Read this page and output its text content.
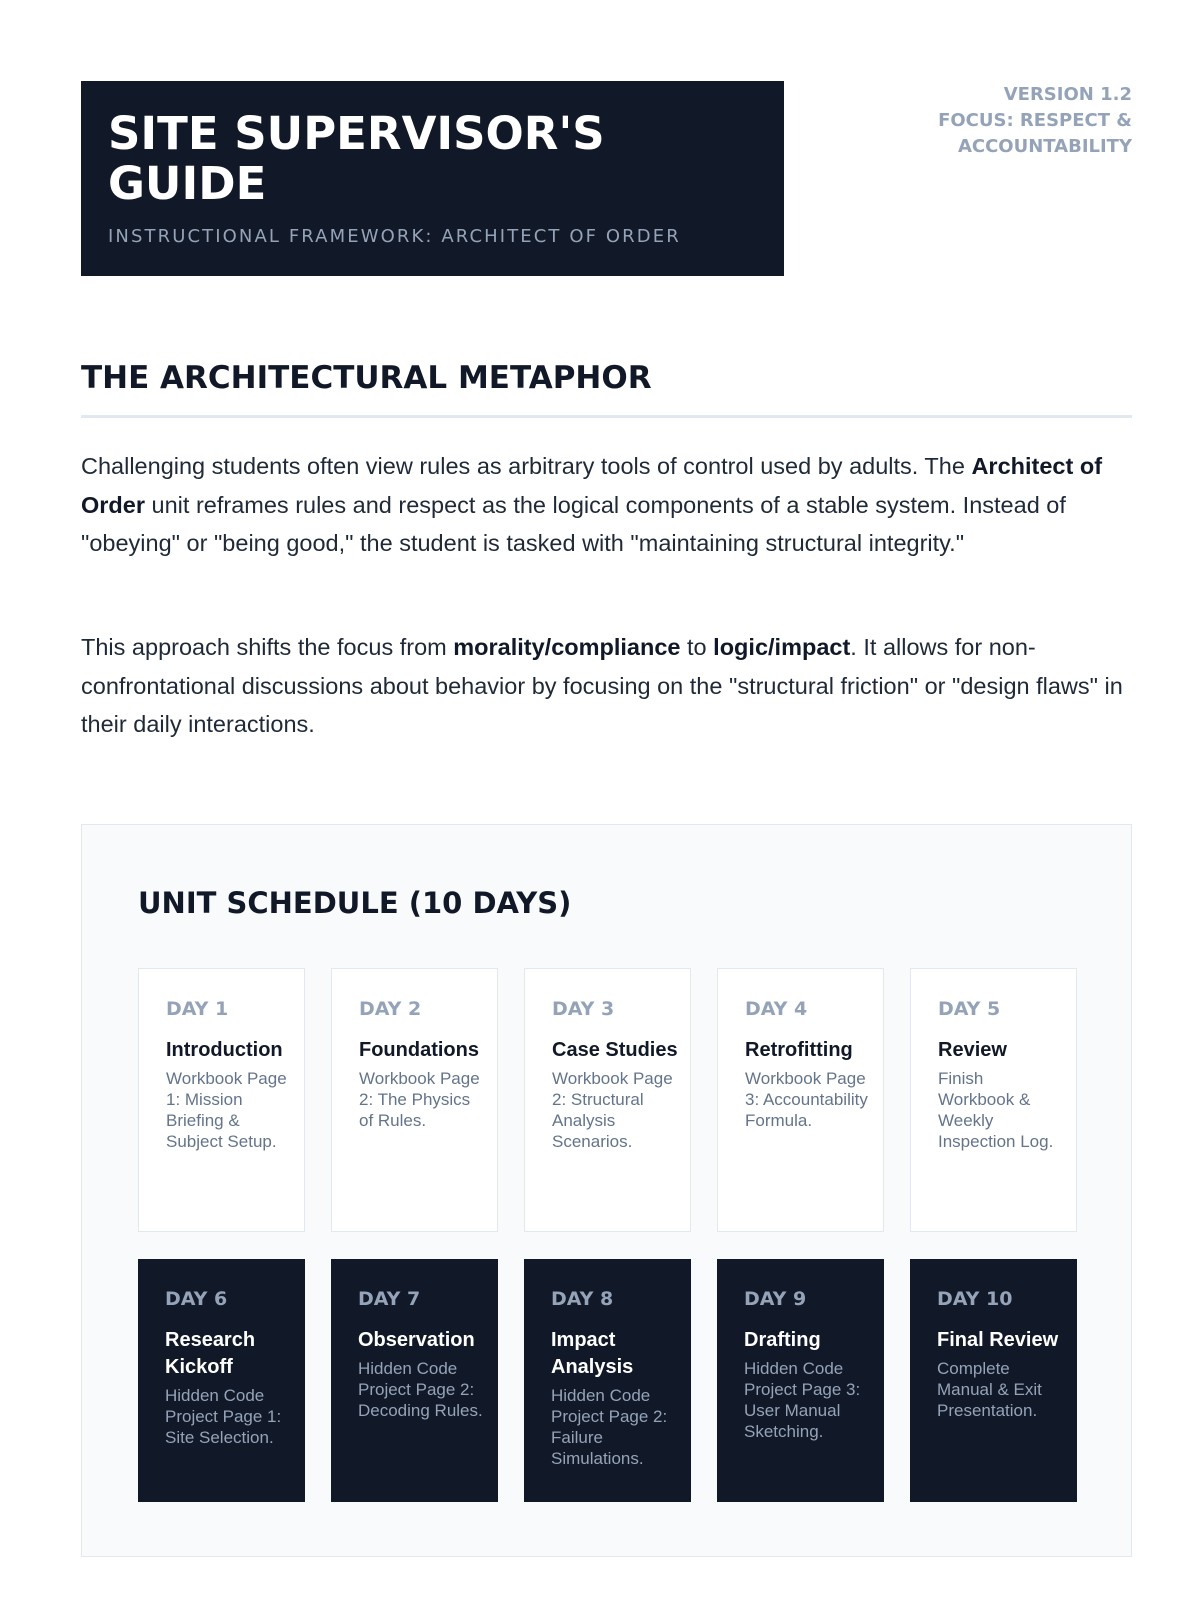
SITE SUPERVISOR'S GUIDE
INSTRUCTIONAL FRAMEWORK: ARCHITECT OF ORDER
VERSION 1.2
FOCUS: RESPECT &
ACCOUNTABILITY
THE ARCHITECTURAL METAPHOR

Challenging students often view rules as arbitrary tools of control used by adults. The Architect of Order unit reframes rules and respect as the logical components of a stable system. Instead of "obeying" or "being good," the student is tasked with "maintaining structural integrity."

This approach shifts the focus from morality/compliance to logic/impact. It allows for non-confrontational discussions about behavior by focusing on the "structural friction" or "design flaws" in their daily interactions.

UNIT SCHEDULE (10 DAYS)
DAY 1
Introduction
Workbook Page 1: Mission Briefing & Subject Setup.
DAY 2
Foundations
Workbook Page 2: The Physics of Rules.
DAY 3
Case Studies
Workbook Page 2: Structural Analysis Scenarios.
DAY 4
Retrofitting
Workbook Page 3: Accountability Formula.
DAY 5
Review
Finish Workbook & Weekly Inspection Log.
DAY 6
Research Kickoff
Hidden Code Project Page 1: Site Selection.
DAY 7
Observation
Hidden Code Project Page 2: Decoding Rules.
DAY 8
Impact Analysis
Hidden Code Project Page 2: Failure Simulations.
DAY 9
Drafting
Hidden Code Project Page 3: User Manual Sketching.
DAY 10
Final Review
Complete Manual & Exit Presentation.
